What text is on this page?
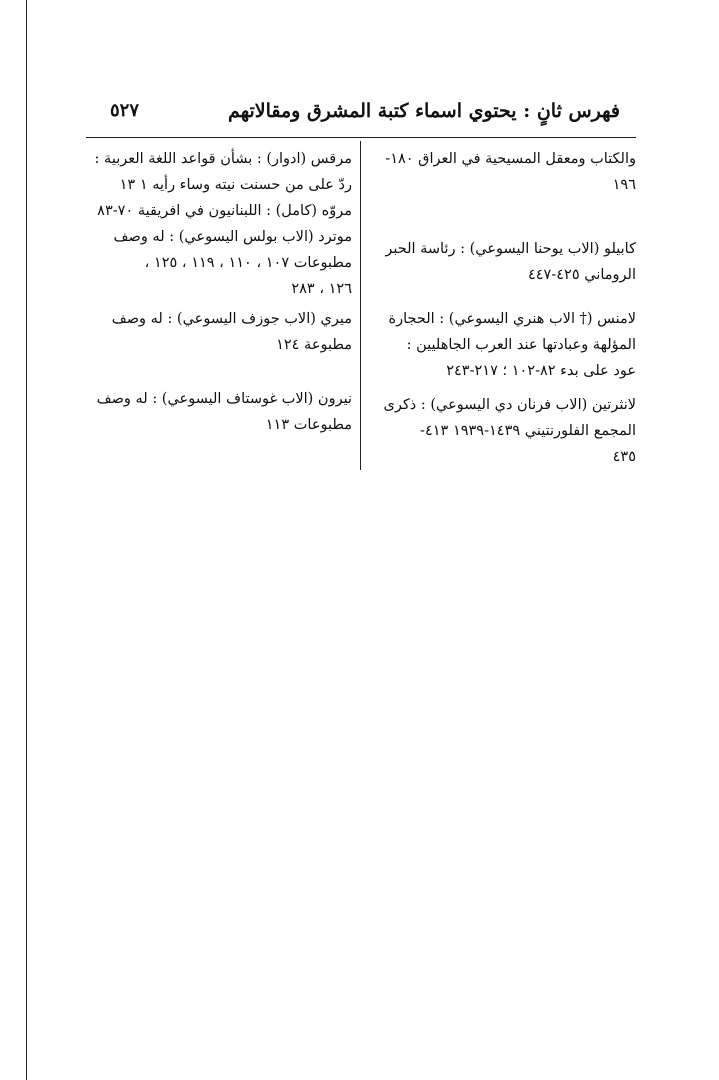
فهرس ثانٍ : يحتوي اسماء كتبة المشرق ومقالاتهم
٥٢٧
والكتاب ومعقل المسيحية في العراق ١٨٠-
١٩٦
كابيلو (الاب يوحنا اليسوعي) : رئاسة الحبر
الروماني ٤٢٥-٤٤٧
لامنس († الاب هنري اليسوعي) : الحجارة
المؤلهة وعبادتها عند العرب الجاهليين :
عود على بدء ٨٢-١٠٢ ؛ ٢١٧-٢٤٣
لانثرتين (الاب فرنان دي اليسوعي) : ذكرى
المجمع الفلورنتيني ١٤٣٩-١٩٣٩ ٤١٣-
٤٣٥
مرقس (ادوار) : بشأن قواعد اللغة العربية :
ردّ على من حسنت نيته وساء رأيه ١ ١٣
مروّه (كامل) : اللبنانيون في افريقية ٧٠-٨٣
موترد (الاب بولس اليسوعي) : له وصف
مطبوعات ١٠٧ ، ١١٠ ، ١١٩ ، ١٢٥ ،
١٢٦ ، ٢٨٣
ميري (الاب جوزف اليسوعي) : له وصف
مطبوعة ١٢٤
نيرون (الاب غوستاف اليسوعي) : له وصف
مطبوعات ١١٣
